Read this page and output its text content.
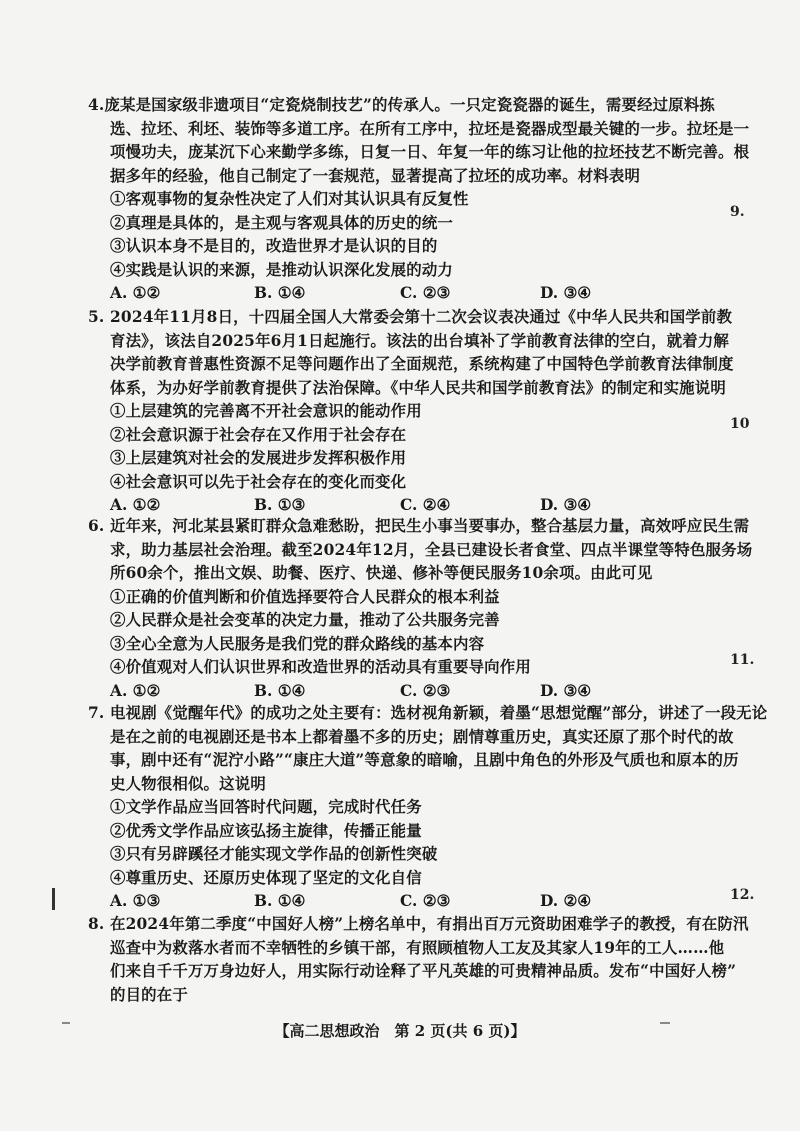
4.庞某是国家级非遗项目“定瓷烧制技艺”的传承人。一只定瓷瓷器的诞生，需要经过原料拣
选、拉坯、利坯、装饰等多道工序。在所有工序中，拉坯是瓷器成型最关键的一步。拉坯是一
项慢功夫，庞某沉下心来勤学多练，日复一日、年复一年的练习让他的拉坯技艺不断完善。根
据多年的经验，他自己制定了一套规范，显著提高了拉坯的成功率。材料表明
①客观事物的复杂性决定了人们对其认识具有反复性
②真理是具体的，是主观与客观具体的历史的统一
③认识本身不是目的，改造世界才是认识的目的
④实践是认识的来源，是推动认识深化发展的动力
A. ①②	B. ①④	C. ②③	D. ③④
5. 2024年11月8日，十四届全国人大常委会第十二次会议表决通过《中华人民共和国学前教
育法》，该法自2025年6月1日起施行。该法的出台填补了学前教育法律的空白，就着力解
决学前教育普惠性资源不足等问题作出了全面规范，系统构建了中国特色学前教育法律制度
体系，为办好学前教育提供了法治保障。《中华人民共和国学前教育法》的制定和实施说明
①上层建筑的完善离不开社会意识的能动作用
②社会意识源于社会存在又作用于社会存在
③上层建筑对社会的发展进步发挥积极作用
④社会意识可以先于社会存在的变化而变化
A. ①②	B. ①③	C. ②④	D. ③④
6. 近年来，河北某县紧盯群众急难愁盼，把民生小事当要事办，整合基层力量，高效呼应民生需
求，助力基层社会治理。截至2024年12月，全县已建设长者食堂、四点半课堂等特色服务场
所60余个，推出文娱、助餐、医疗、快递、修补等便民服务10余项。由此可见
①正确的价值判断和价值选择要符合人民群众的根本利益
②人民群众是社会变革的决定力量，推动了公共服务完善
③全心全意为人民服务是我们党的群众路线的基本内容
④价值观对人们认识世界和改造世界的活动具有重要导向作用
A. ①②	B. ①④	C. ②③	D. ③④
7. 电视剧《觉醒年代》的成功之处主要有：选材视角新颖，着墨“思想觉醒”部分，讲述了一段无论
是在之前的电视剧还是书本上都着墨不多的历史；剧情尊重历史，真实还原了那个时代的故
事，剧中还有“泥泞小路”“康庄大道”等意象的暗喻，且剧中角色的外形及气质也和原本的历
史人物很相似。这说明
①文学作品应当回答时代问题，完成时代任务
②优秀文学作品应该弘扬主旋律，传播正能量
③只有另辟蹊径才能实现文学作品的创新性突破
④尊重历史、还原历史体现了坚定的文化自信
A. ①③	B. ①④	C. ②③	D. ②④
8. 在2024年第二季度“中国好人榜”上榜名单中，有捐出百万元资助困难学子的教授，有在防汛
巡查中为救落水者而不幸牺牲的乡镇干部，有照顾植物人工友及其家人19年的工人……他
们来自千千万万身边好人，用实际行动诠释了平凡英雄的可贵精神品质。发布“中国好人榜”
的目的在于
9.
10
11.
12.
【高二思想政治　第 2 页(共 6 页)】
